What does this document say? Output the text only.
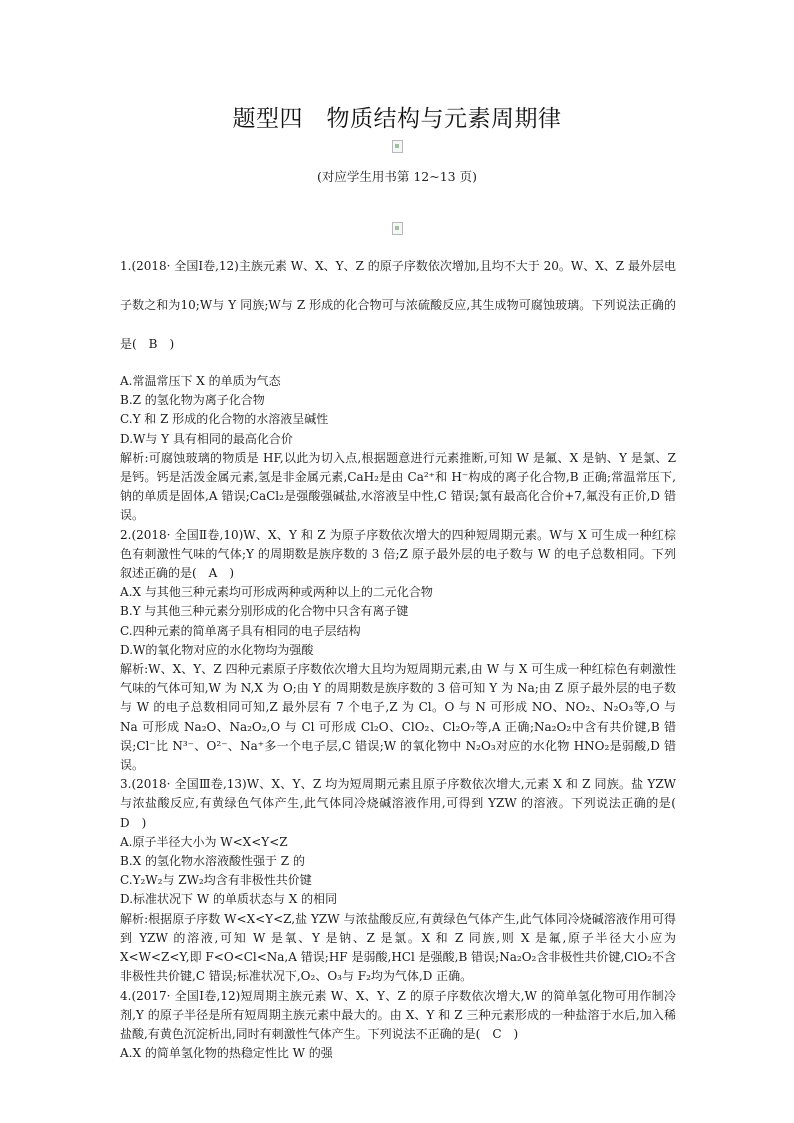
题型四　物质结构与元素周期律
(对应学生用书第 12~13 页)

1.(2018· 全国Ⅰ卷,12)主族元素 W、X、Y、Z 的原子序数依次增加,且均不大于 20。W、X、Z 最外层电子数之和为10;W与 Y 同族;W与 Z 形成的化合物可与浓硫酸反应,其生成物可腐蚀玻璃。下列说法正确的是(　B　)

A.常温常压下 X 的单质为气态

B.Z 的氢化物为离子化合物

C.Y 和 Z 形成的化合物的水溶液呈碱性

D.W与 Y 具有相同的最高化合价

解析:可腐蚀玻璃的物质是 HF,以此为切入点,根据题意进行元素推断,可知 W 是氟、X 是钠、Y 是氯、Z 是钙。钙是活泼金属元素,氢是非金属元素,CaH₂是由 Ca²⁺和 H⁻构成的离子化合物,B 正确;常温常压下,钠的单质是固体,A 错误;CaCl₂是强酸强碱盐,水溶液呈中性,C 错误;氯有最高化合价+7,氟没有正价,D 错误。

2.(2018· 全国Ⅱ卷,10)W、X、Y 和 Z 为原子序数依次增大的四种短周期元素。W与 X 可生成一种红棕色有刺激性气味的气体;Y 的周期数是族序数的 3 倍;Z 原子最外层的电子数与 W 的电子总数相同。下列叙述正确的是(　A　)

A.X 与其他三种元素均可形成两种或两种以上的二元化合物

B.Y 与其他三种元素分别形成的化合物中只含有离子键

C.四种元素的简单离子具有相同的电子层结构

D.W的氧化物对应的水化物均为强酸

解析:W、X、Y、Z 四种元素原子序数依次增大且均为短周期元素,由 W 与 X 可生成一种红棕色有刺激性气味的气体可知,W 为 N,X 为 O;由 Y 的周期数是族序数的 3 倍可知 Y 为 Na;由 Z 原子最外层的电子数与 W 的电子总数相同可知,Z 最外层有 7 个电子,Z 为 Cl。O 与 N 可形成 NO、NO₂、N₂O₃等,O 与 Na 可形成 Na₂O、Na₂O₂,O 与 Cl 可形成 Cl₂O、ClO₂、Cl₂O₇等,A 正确;Na₂O₂中含有共价键,B 错误;Cl⁻比 N³⁻、O²⁻、Na⁺多一个电子层,C 错误;W 的氧化物中 N₂O₃对应的水化物 HNO₂是弱酸,D 错误。

3.(2018· 全国Ⅲ卷,13)W、X、Y、Z 均为短周期元素且原子序数依次增大,元素 X 和 Z 同族。盐 YZW 与浓盐酸反应,有黄绿色气体产生,此气体同冷烧碱溶液作用,可得到 YZW 的溶液。下列说法正确的是(　D　)

A.原子半径大小为 W<X<Y<Z

B.X 的氢化物水溶液酸性强于 Z 的

C.Y₂W₂与 ZW₂均含有非极性共价键

D.标准状况下 W 的单质状态与 X 的相同

解析:根据原子序数 W<X<Y<Z,盐 YZW 与浓盐酸反应,有黄绿色气体产生,此气体同冷烧碱溶液作用可得到 YZW 的溶液,可知 W 是氧、Y 是钠、Z 是氯。X 和 Z 同族,则 X 是氟,原子半径大小应为 X<W<Z<Y,即 F<O<Cl<Na,A 错误;HF 是弱酸,HCl 是强酸,B 错误;Na₂O₂含非极性共价键,ClO₂不含非极性共价键,C 错误;标准状况下,O₂、O₃与 F₂均为气体,D 正确。

4.(2017· 全国Ⅰ卷,12)短周期主族元素 W、X、Y、Z 的原子序数依次增大,W 的简单氢化物可用作制冷剂,Y 的原子半径是所有短周期主族元素中最大的。由 X、Y 和 Z 三种元素形成的一种盐溶于水后,加入稀盐酸,有黄色沉淀析出,同时有刺激性气体产生。下列说法不正确的是(　C　)

A.X 的简单氢化物的热稳定性比 W 的强
